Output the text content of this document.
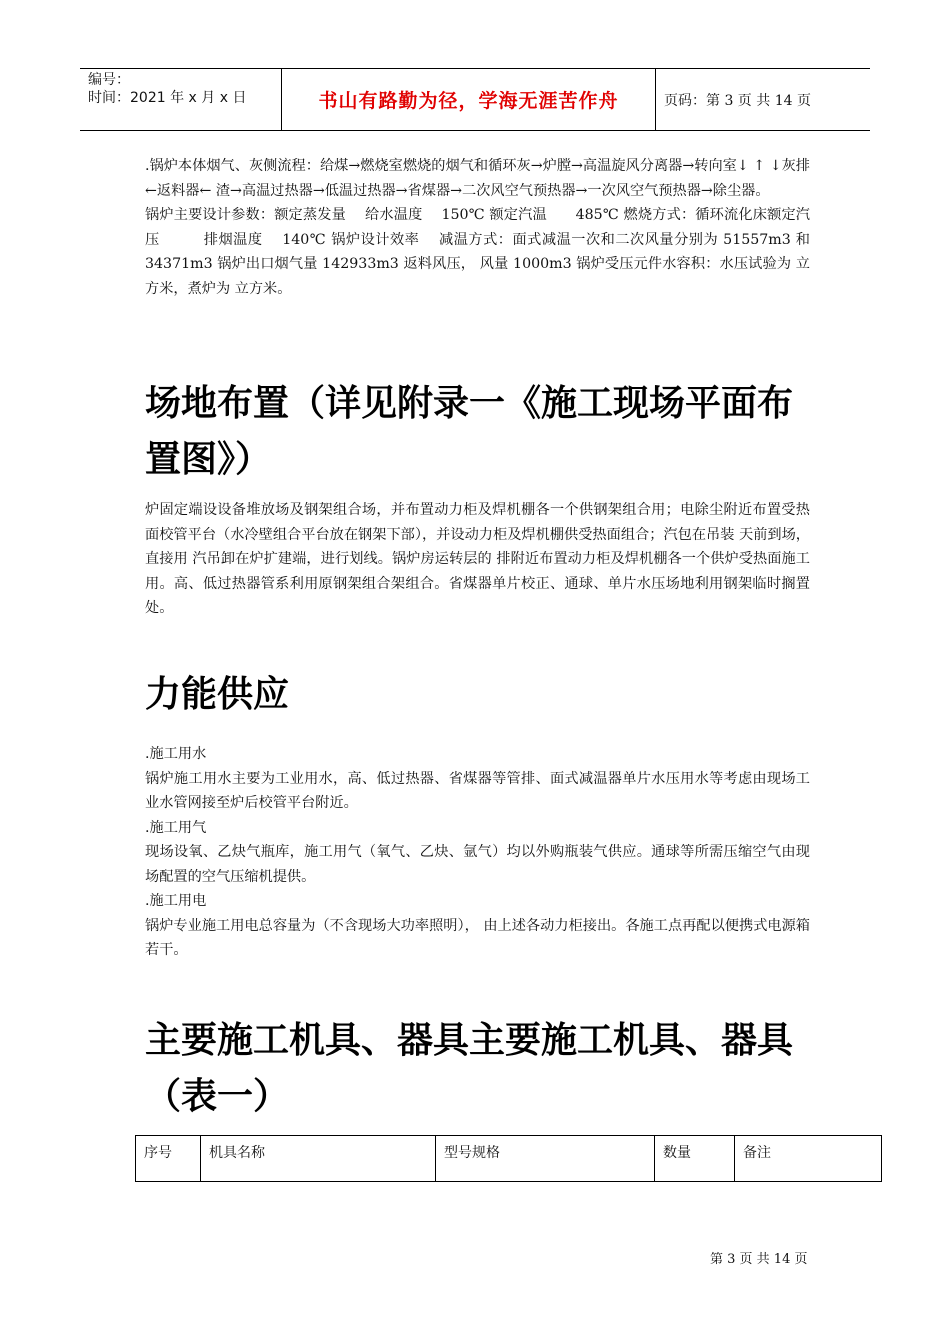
编号：
时间：2021 年 x 月 x 日	书山有路勤为径，学海无涯苦作舟	页码：第 3 页 共 14 页

.锅炉本体烟气、灰侧流程：给煤→燃烧室燃烧的烟气和循环灰→炉膛→高温旋风分离器→转向室↓ ↑ ↓灰排←返料器← 渣→高温过热器→低温过热器→省煤器→二次风空气预热器→一次风空气预热器→除尘器。

锅炉主要设计参数：额定蒸发量　 给水温度　 150℃ 额定汽温　　485℃ 燃烧方式：循环流化床额定汽压　　　排烟温度　 140℃ 锅炉设计效率　 减温方式：面式减温一次和二次风量分别为 51557m3 和 34371m3 锅炉出口烟气量 142933m3 返料风压， 风量 1000m3 锅炉受压元件水容积：水压试验为 立方米，煮炉为 立方米。

场地布置（详见附录一《施工现场平面布置图》）

炉固定端设设备堆放场及钢架组合场，并布置动力柜及焊机棚各一个供钢架组合用；电除尘附近布置受热面校管平台（水冷壁组合平台放在钢架下部），并设动力柜及焊机棚供受热面组合；汽包在吊装 天前到场，直接用 汽吊卸在炉扩建端，进行划线。锅炉房运转层的 排附近布置动力柜及焊机棚各一个供炉受热面施工用。高、低过热器管系利用原钢架组合架组合。省煤器单片校正、通球、单片水压场地利用钢架临时搁置处。

力能供应

.施工用水

锅炉施工用水主要为工业用水，高、低过热器、省煤器等管排、面式减温器单片水压用水等考虑由现场工业水管网接至炉后校管平台附近。

.施工用气

现场设氧、乙炔气瓶库，施工用气（氧气、乙炔、氩气）均以外购瓶装气供应。通球等所需压缩空气由现场配置的空气压缩机提供。

.施工用电

锅炉专业施工用电总容量为（不含现场大功率照明）， 由上述各动力柜接出。各施工点再配以便携式电源箱若干。

主要施工机具、器具主要施工机具、器具（表一）
序号	机具名称	型号规格	数量	备注
第 3 页 共 14 页
